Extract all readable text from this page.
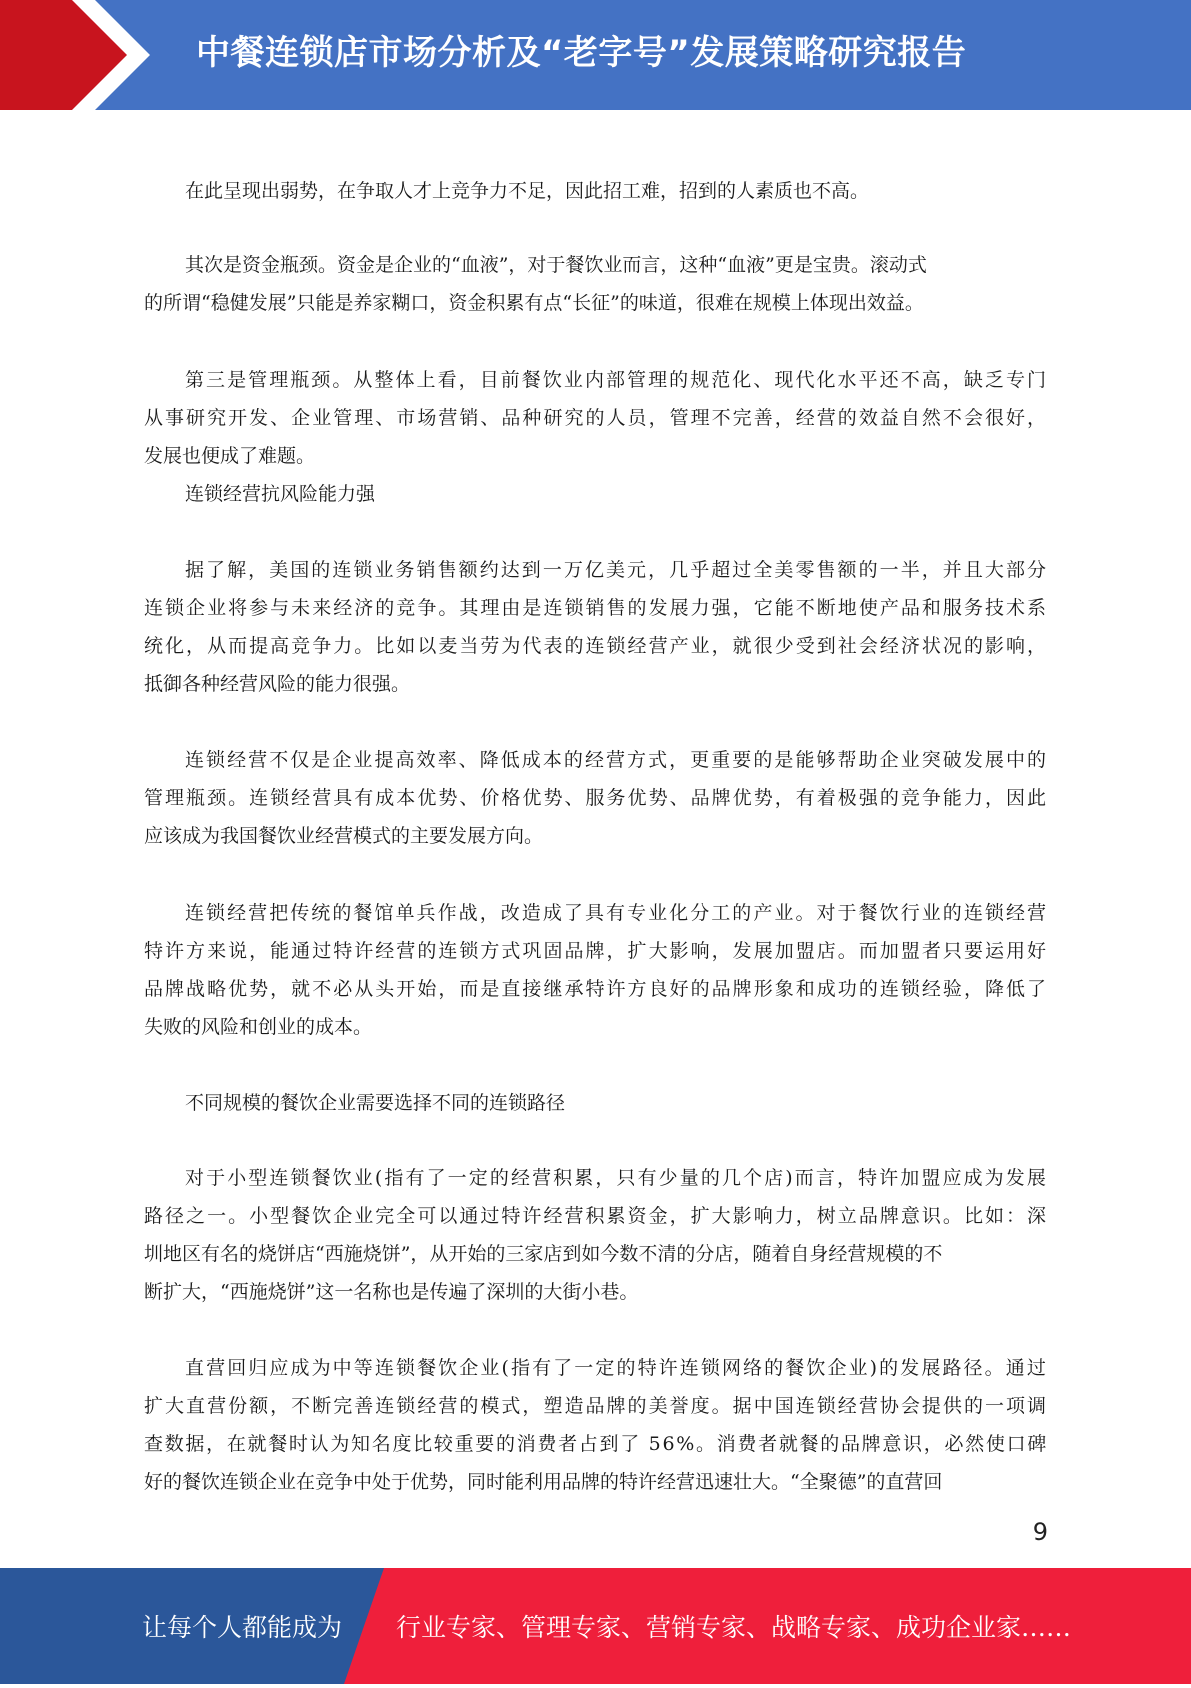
中餐连锁店市场分析及“老字号”发展策略研究报告
在此呈现出弱势，在争取人才上竞争力不足，因此招工难，招到的人素质也不高。
其次是资金瓶颈。资金是企业的“血液”，对于餐饮业而言，这种“血液”更是宝贵。滚动式
的所谓“稳健发展”只能是养家糊口，资金积累有点“长征”的味道，很难在规模上体现出效益。
第三是管理瓶颈。从整体上看，目前餐饮业内部管理的规范化、现代化水平还不高，缺乏专门
从事研究开发、企业管理、市场营销、品种研究的人员，管理不完善，经营的效益自然不会很好，
发展也便成了难题。
连锁经营抗风险能力强
据了解，美国的连锁业务销售额约达到一万亿美元，几乎超过全美零售额的一半，并且大部分
连锁企业将参与未来经济的竞争。其理由是连锁销售的发展力强，它能不断地使产品和服务技术系
统化，从而提高竞争力。比如以麦当劳为代表的连锁经营产业，就很少受到社会经济状况的影响，
抵御各种经营风险的能力很强。
连锁经营不仅是企业提高效率、降低成本的经营方式，更重要的是能够帮助企业突破发展中的
管理瓶颈。连锁经营具有成本优势、价格优势、服务优势、品牌优势，有着极强的竞争能力，因此
应该成为我国餐饮业经营模式的主要发展方向。
连锁经营把传统的餐馆单兵作战，改造成了具有专业化分工的产业。对于餐饮行业的连锁经营
特许方来说，能通过特许经营的连锁方式巩固品牌，扩大影响，发展加盟店。而加盟者只要运用好
品牌战略优势，就不必从头开始，而是直接继承特许方良好的品牌形象和成功的连锁经验，降低了
失败的风险和创业的成本。
不同规模的餐饮企业需要选择不同的连锁路径
对于小型连锁餐饮业(指有了一定的经营积累，只有少量的几个店)而言，特许加盟应成为发展
路径之一。小型餐饮企业完全可以通过特许经营积累资金，扩大影响力，树立品牌意识。比如：深
圳地区有名的烧饼店“西施烧饼”，从开始的三家店到如今数不清的分店，随着自身经营规模的不
断扩大，“西施烧饼”这一名称也是传遍了深圳的大街小巷。
直营回归应成为中等连锁餐饮企业(指有了一定的特许连锁网络的餐饮企业)的发展路径。通过
扩大直营份额，不断完善连锁经营的模式，塑造品牌的美誉度。据中国连锁经营协会提供的一项调
查数据，在就餐时认为知名度比较重要的消费者占到了 56%。消费者就餐的品牌意识，必然使口碑
好的餐饮连锁企业在竞争中处于优势，同时能利用品牌的特许经营迅速壮大。“全聚德”的直营回
9
让每个人都能成为 行业专家、管理专家、营销专家、战略专家、成功企业家……
